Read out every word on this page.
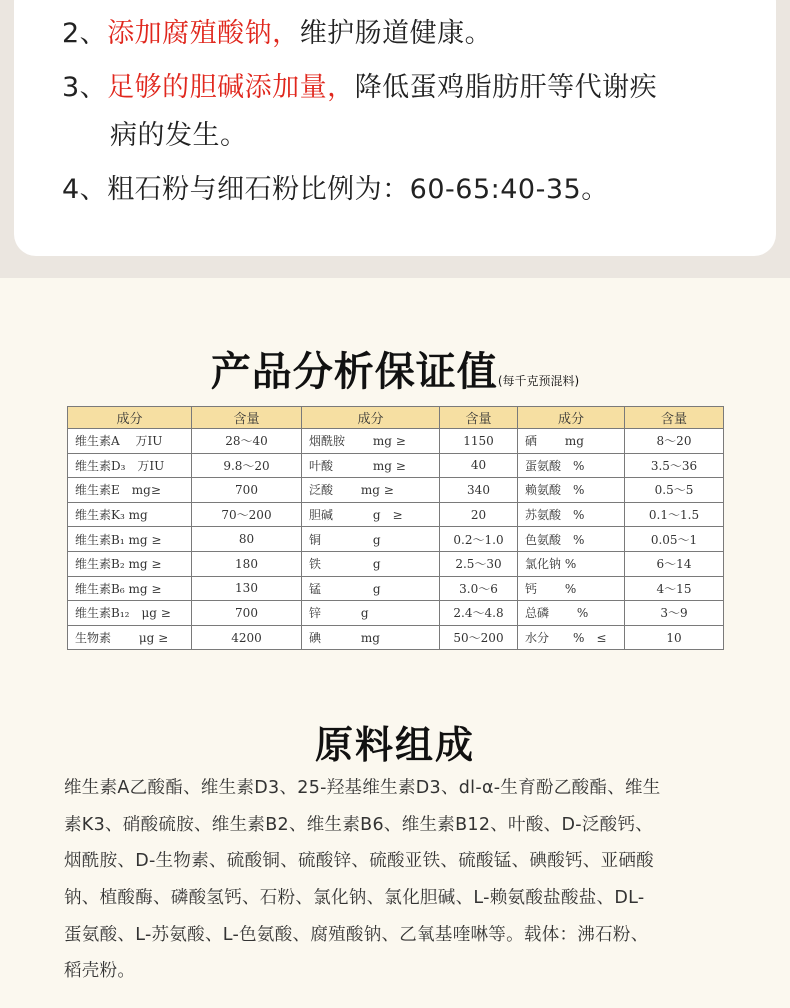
2、添加腐殖酸钠，维护肠道健康。
3、足够的胆碱添加量，降低蛋鸡脂肪肝等代谢疾
病的发生。
4、粗石粉与细石粉比例为：60-65:40-35。
产品分析保证值(每千克预混料)
成分	含量	成分	含量	成分	含量
维生素A　 万IU	28～40	烟酰胺　　 mg ≥	1150	硒　　 mg	8～20
维生素D₃　万IU	9.8～20	叶酸　　　 mg ≥	40	蛋氨酸　%	3.5～36
维生素E　mg≥	700	泛酸　　 mg ≥	340	赖氨酸　%	0.5～5
维生素K₃ mg	70～200	胆碱　　　 g　≥	20	苏氨酸　%	0.1～1.5
维生素B₁ mg ≥	80	铜　　　　 g	0.2～1.0	色氨酸　%	0.05～1
维生素B₂ mg ≥	180	铁　　　　 g	2.5～30	氯化钠 %	6～14
维生素B₆ mg ≥	130	锰　　　　 g	3.0～6	钙　　 %	4～15
维生素B₁₂　μg ≥	700	锌　　　 g	2.4～4.8	总磷　　 %	3～9
生物素　　 μg ≥	4200	碘　　　 mg	50～200	水分　　%　≤	10
原料组成
维生素A乙酸酯、维生素D3、25-羟基维生素D3、dl-α-生育酚乙酸酯、维生
素K3、硝酸硫胺、维生素B2、维生素B6、维生素B12、叶酸、D-泛酸钙、
烟酰胺、D-生物素、硫酸铜、硫酸锌、硫酸亚铁、硫酸锰、碘酸钙、亚硒酸
钠、植酸酶、磷酸氢钙、石粉、氯化钠、氯化胆碱、L-赖氨酸盐酸盐、DL-
蛋氨酸、L-苏氨酸、L-色氨酸、腐殖酸钠、乙氧基喹啉等。载体：沸石粉、
稻壳粉。
